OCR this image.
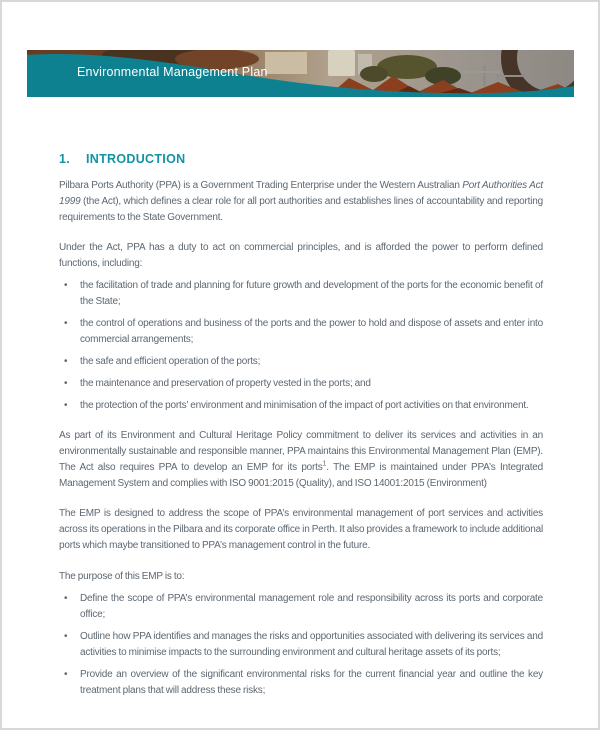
Environmental Management Plan
1.	INTRODUCTION

Pilbara Ports Authority (PPA) is a Government Trading Enterprise under the Western Australian Port Authorities Act 1999 (the Act), which defines a clear role for all port authorities and establishes lines of accountability and reporting requirements to the State Government.

Under the Act, PPA has a duty to act on commercial principles, and is afforded the power to perform defined functions, including:

• the facilitation of trade and planning for future growth and development of the ports for the economic benefit of the State;
• the control of operations and business of the ports and the power to hold and dispose of assets and enter into commercial arrangements;
• the safe and efficient operation of the ports;
• the maintenance and preservation of property vested in the ports; and
• the protection of the ports’ environment and minimisation of the impact of port activities on that environment.

As part of its Environment and Cultural Heritage Policy commitment to deliver its services and activities in an environmentally sustainable and responsible manner, PPA maintains this Environmental Management Plan (EMP). The Act also requires PPA to develop an EMP for its ports$^1$. The EMP is maintained under PPA’s Integrated Management System and complies with ISO 9001:2015 (Quality), and ISO 14001:2015 (Environment)

The EMP is designed to address the scope of PPA’s environmental management of port services and activities across its operations in the Pilbara and its corporate office in Perth. It also provides a framework to include additional ports which maybe transitioned to PPA’s management control in the future.

The purpose of this EMP is to:

• Define the scope of PPA’s environmental management role and responsibility across its ports and corporate office;
• Outline how PPA identifies and manages the risks and opportunities associated with delivering its services and activities to minimise impacts to the surrounding environment and cultural heritage assets of its ports;
• Provide an overview of the significant environmental risks for the current financial year and outline the key treatment plans that will address these risks;
